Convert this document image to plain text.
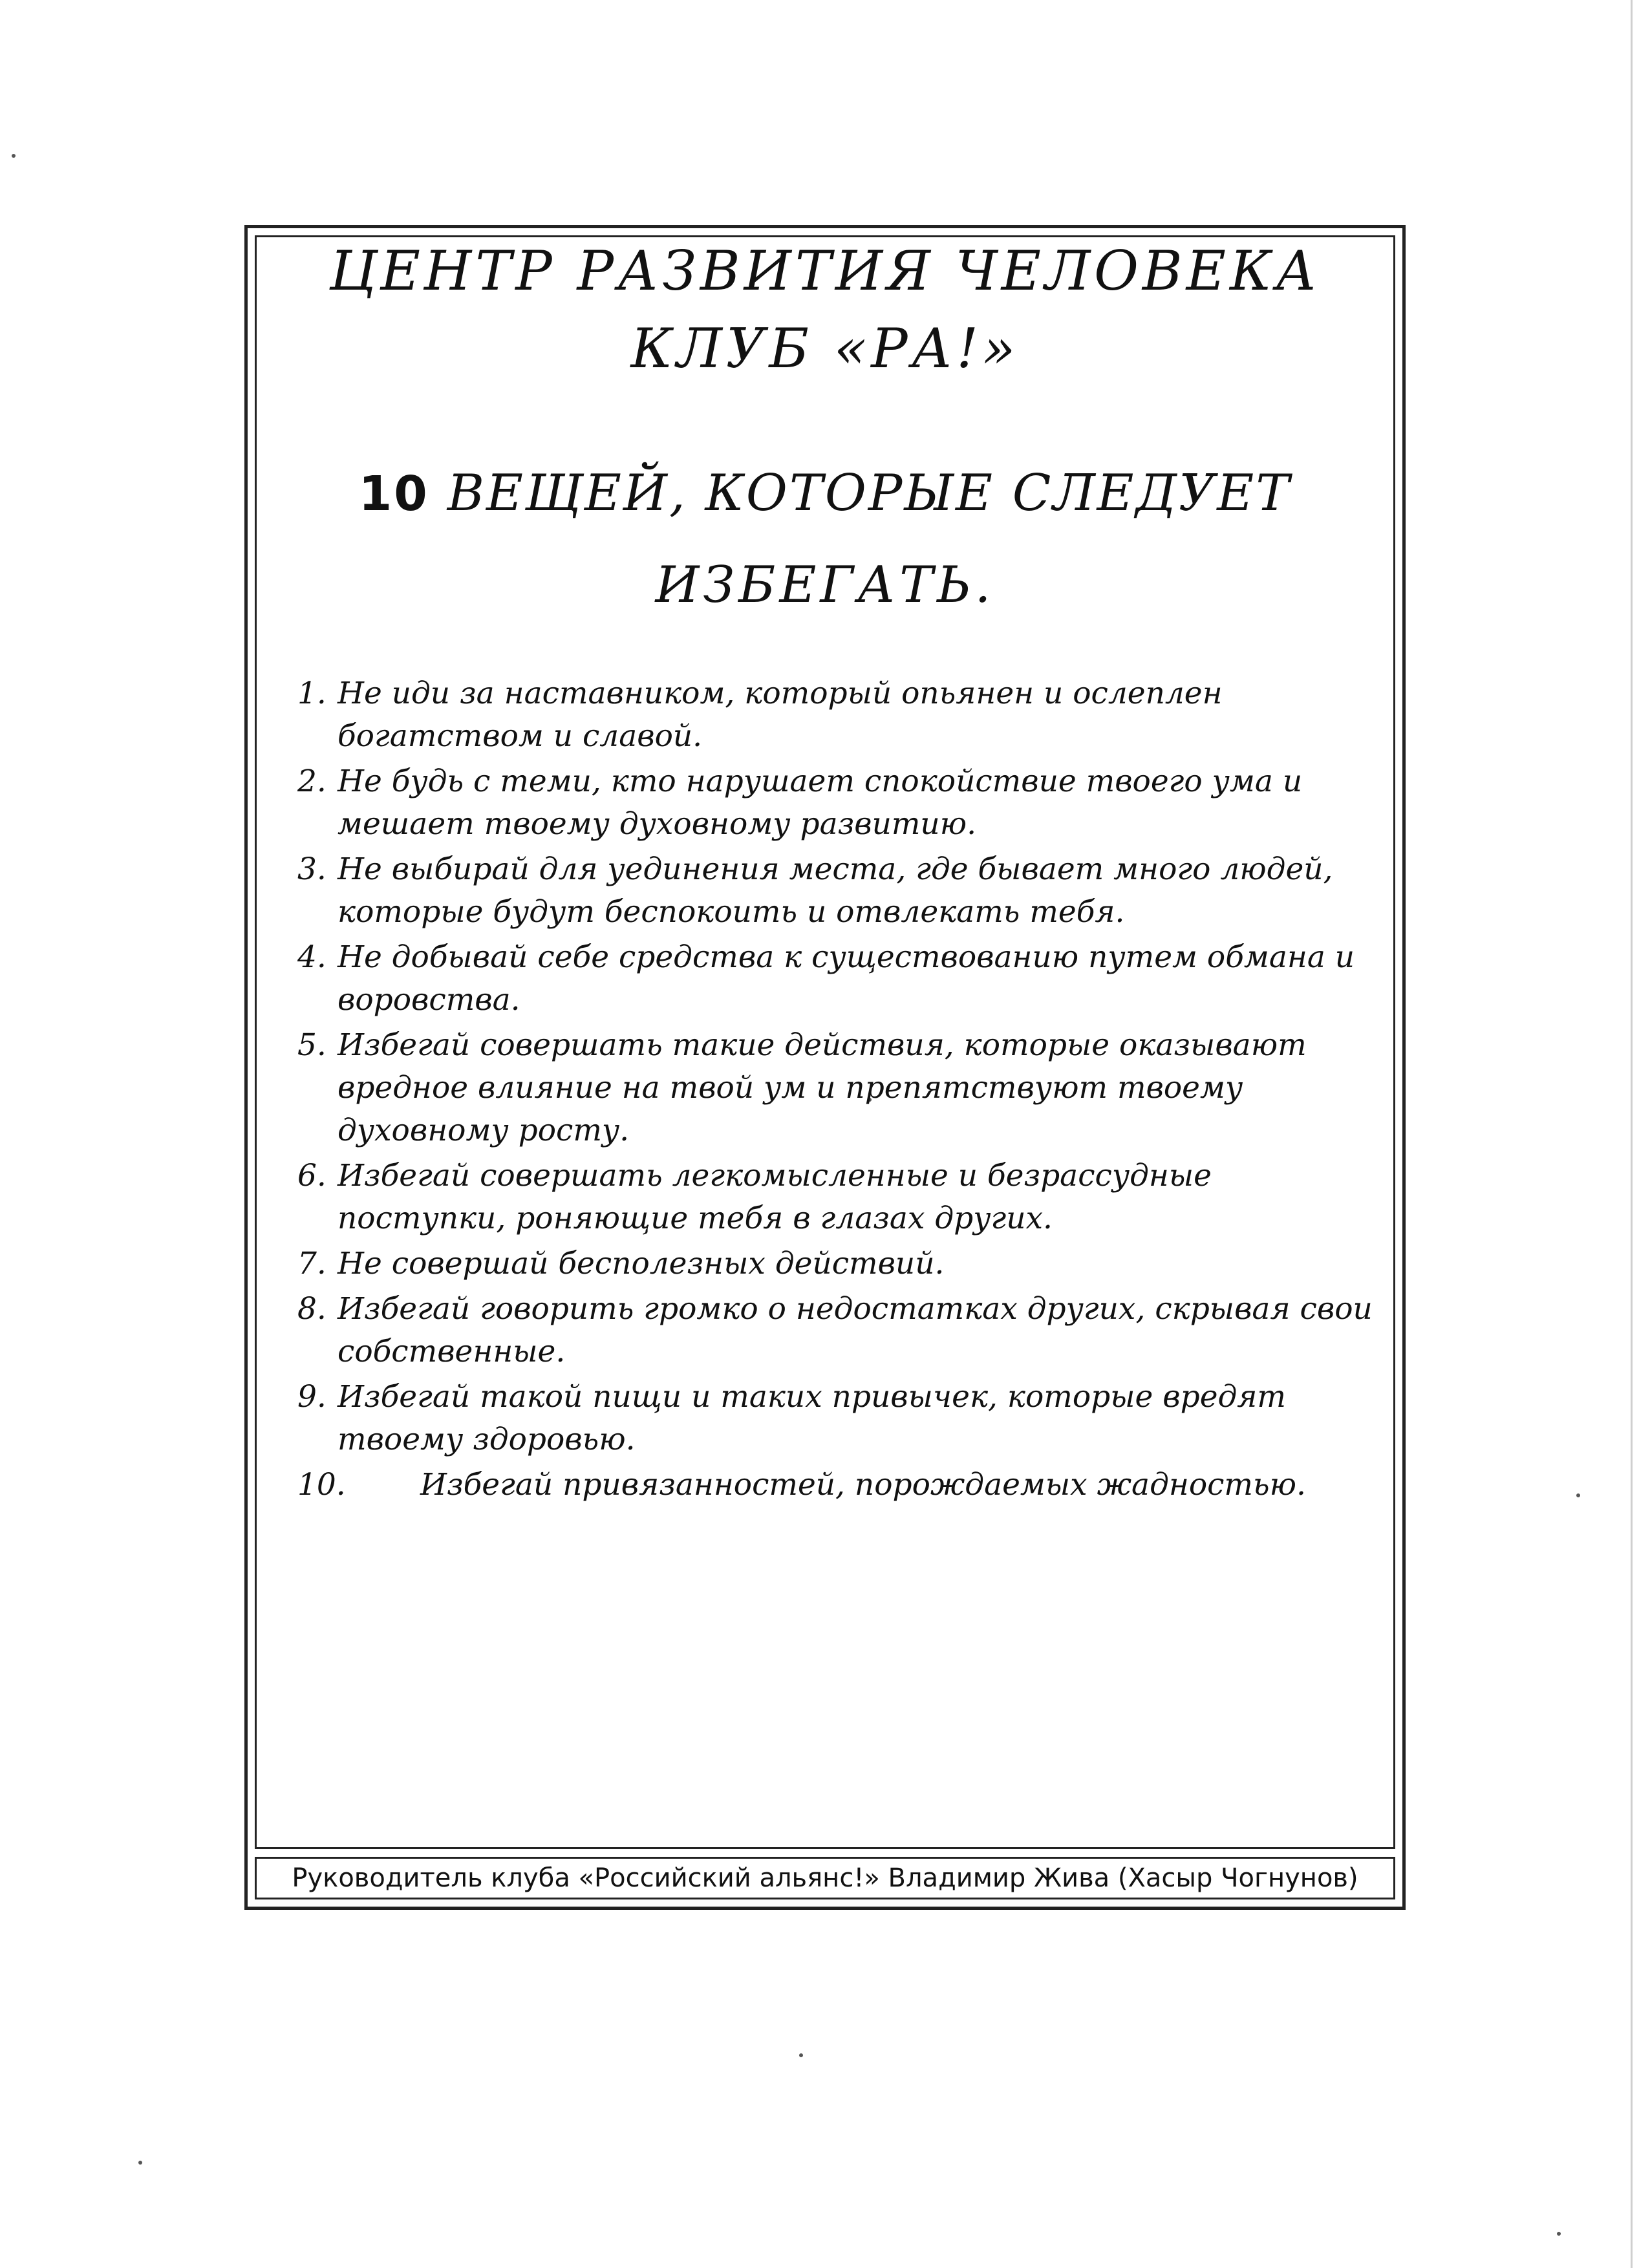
ЦЕНТР РАЗВИТИЯ ЧЕЛОВЕКА
КЛУБ «РА!»
10 ВЕЩЕЙ, КОТОРЫЕ СЛЕДУЕТ
ИЗБЕГАТЬ.
1. Не иди за наставником, который опьянен и ослеплен богатством и славой.
2. Не будь с теми, кто нарушает спокойствие твоего ума и мешает твоему духовному развитию.
3. Не выбирай для уединения места, где бывает много людей, которые будут беспокоить и отвлекать тебя.
4. Не добывай себе средства к существованию путем обмана и воровства.
5. Избегай совершать такие действия, которые оказывают вредное влияние на твой ум и препятствуют твоему духовному росту.
6. Избегай совершать легкомысленные и безрассудные поступки, роняющие тебя в глазах других.
7. Не совершай бесполезных действий.
8. Избегай говорить громко о недостатках других, скрывая свои собственные.
9. Избегай такой пищи и таких привычек, которые вредят твоему здоровью.
10.	Избегай привязанностей, порождаемых жадностью.
Руководитель клуба «Российский альянс!» Владимир Жива (Хасыр Чогнунов)
